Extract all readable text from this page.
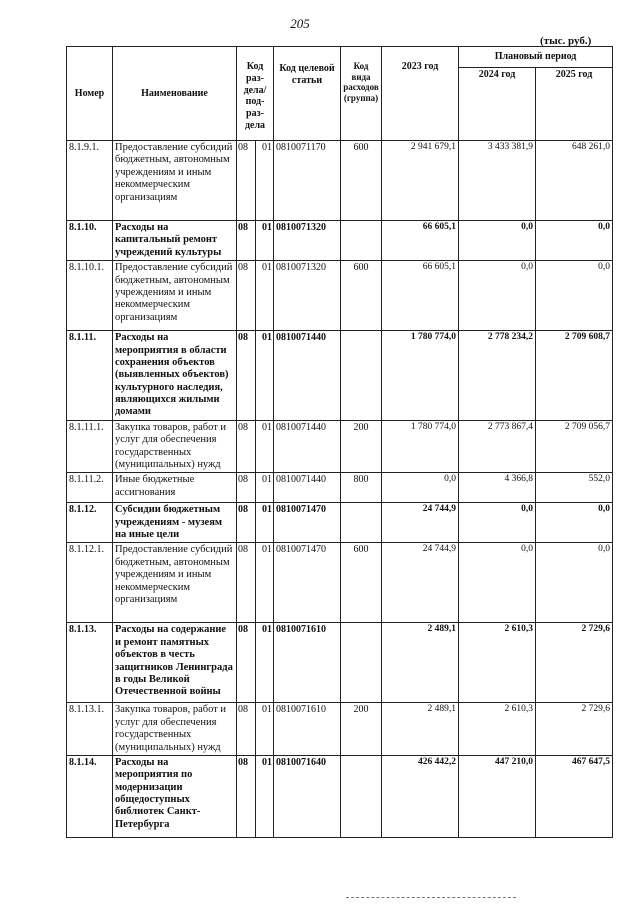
205
(тыс. руб.)
Номер	Наименование	Код раз- дела/ под- раз- дела		Код целевой статьи	Код вида расходов (группа)	2023 год	Плановый период	
							2024 год	2025 год

8.1.9.1.	Предоставление субсидий бюджетным, автономным учреждениям и иным некоммерческим организациям	08	01	0810071170	600	2 941 679,1	3 433 381,9	648 261,0
8.1.10.	Расходы на капитальный ремонт учреждений культуры	08	01	0810071320		66 605,1	0,0	0,0
8.1.10.1.	Предоставление субсидий бюджетным, автономным учреждениям и иным некоммерческим организациям	08	01	0810071320	600	66 605,1	0,0	0,0
8.1.11.	Расходы на мероприятия в области сохранения объектов (выявленных объектов) культурного наследия, являющихся жилыми домами	08	01	0810071440		1 780 774,0	2 778 234,2	2 709 608,7
8.1.11.1.	Закупка товаров, работ и услуг для обеспечения государственных (муниципальных) нужд	08	01	0810071440	200	1 780 774,0	2 773 867,4	2 709 056,7
8.1.11.2.	Иные бюджетные ассигнования	08	01	0810071440	800	0,0	4 366,8	552,0
8.1.12.	Субсидии бюджетным учреждениям - музеям на иные цели	08	01	0810071470		24 744,9	0,0	0,0
8.1.12.1.	Предоставление субсидий бюджетным, автономным учреждениям и иным некоммерческим организациям	08	01	0810071470	600	24 744,9	0,0	0,0
8.1.13.	Расходы на содержание и ремонт памятных объектов в честь защитников Ленинграда в годы Великой Отечественной войны	08	01	0810071610		2 489,1	2 610,3	2 729,6
8.1.13.1.	Закупка товаров, работ и услуг для обеспечения государственных (муниципальных) нужд	08	01	0810071610	200	2 489,1	2 610,3	2 729,6
8.1.14.	Расходы на мероприятия по модернизации общедоступных библиотек Санкт-Петербурга	08	01	0810071640		426 442,2	447 210,0	467 647,5
